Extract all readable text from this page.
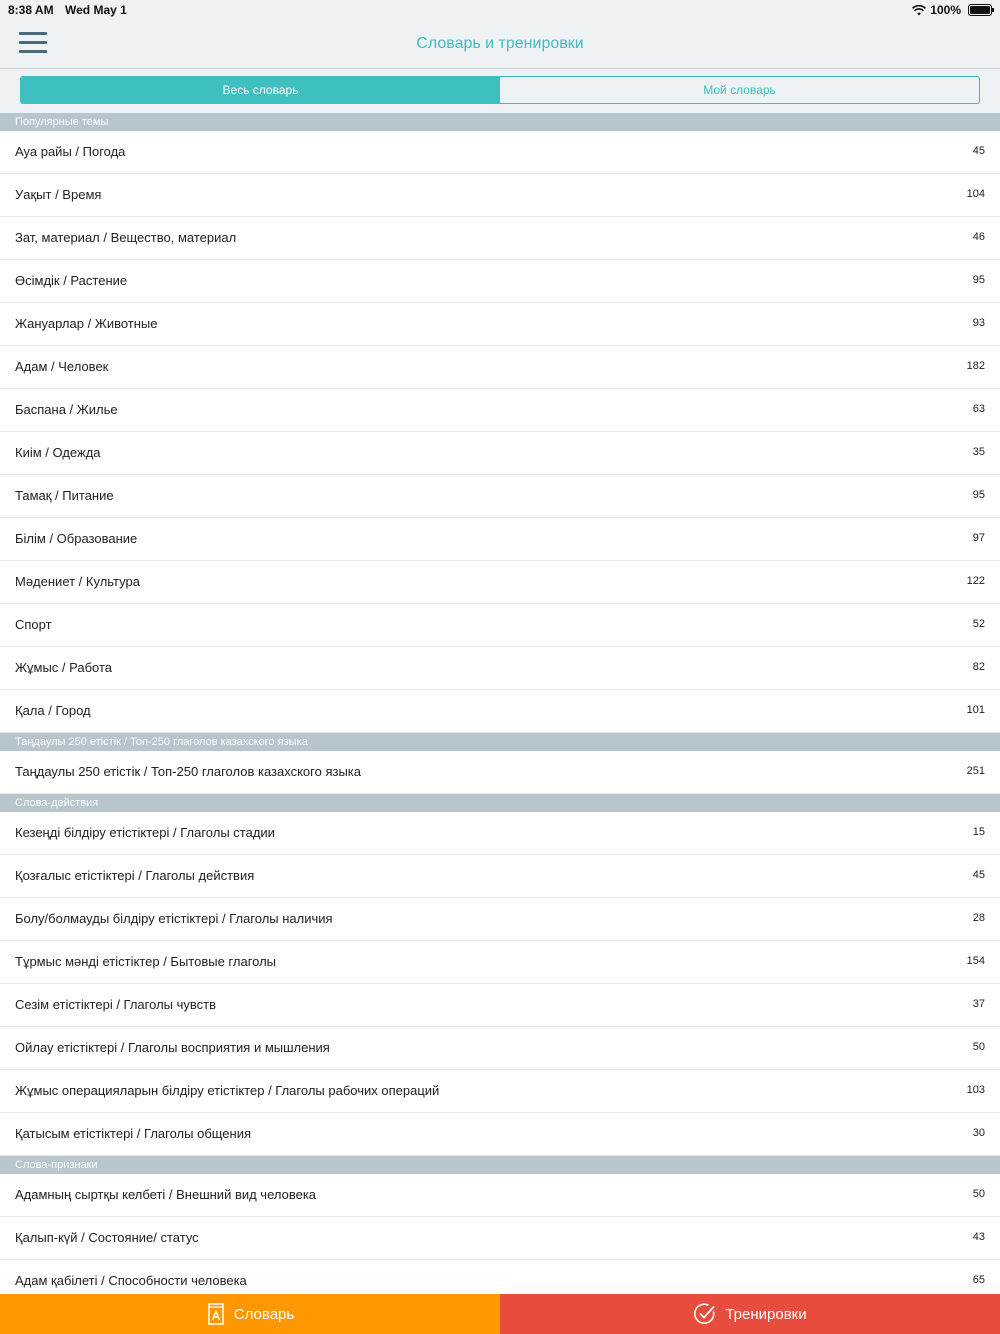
8:38 AM Wed May 1	100%
Словарь и тренировки
Весь словарь	Мой словарь
Популярные темы
Ауа райы / Погода	45
Уақыт / Время	104
Зат, материал / Вещество, материал	46
Өсімдік / Растение	95
Жануарлар / Животные	93
Адам / Человек	182
Баспана / Жилье	63
Киім / Одежда	35
Тамақ / Питание	95
Білім / Образование	97
Мәдениет / Культура	122
Спорт	52
Жұмыс / Работа	82
Қала / Город	101
Таңдаулы 250 етістік / Топ-250 глаголов казахского языка
Таңдаулы 250 етістік / Топ-250 глаголов казахского языка	251
Слова-действия
Кезеңді білдіру етістіктері / Глаголы стадии	15
Қозғалыс етістіктері / Глаголы действия	45
Болу/болмауды білдіру етістіктері / Глаголы наличия	28
Тұрмыс мәнді етістіктер / Бытовые глаголы	154
Сезім етістіктері / Глаголы чувств	37
Ойлау етістіктері / Глаголы восприятия и мышления	50
Жұмыс операцияларын білдіру етістіктер / Глаголы рабочих операций	103
Қатысым етістіктері / Глаголы общения	30
Слова-признаки
Адамның сыртқы келбеті / Внешний вид человека	50
Қалып-күй / Состояние/ статус	43
Адам қабілеті / Способности человека	65
Словарь	Тренировки
